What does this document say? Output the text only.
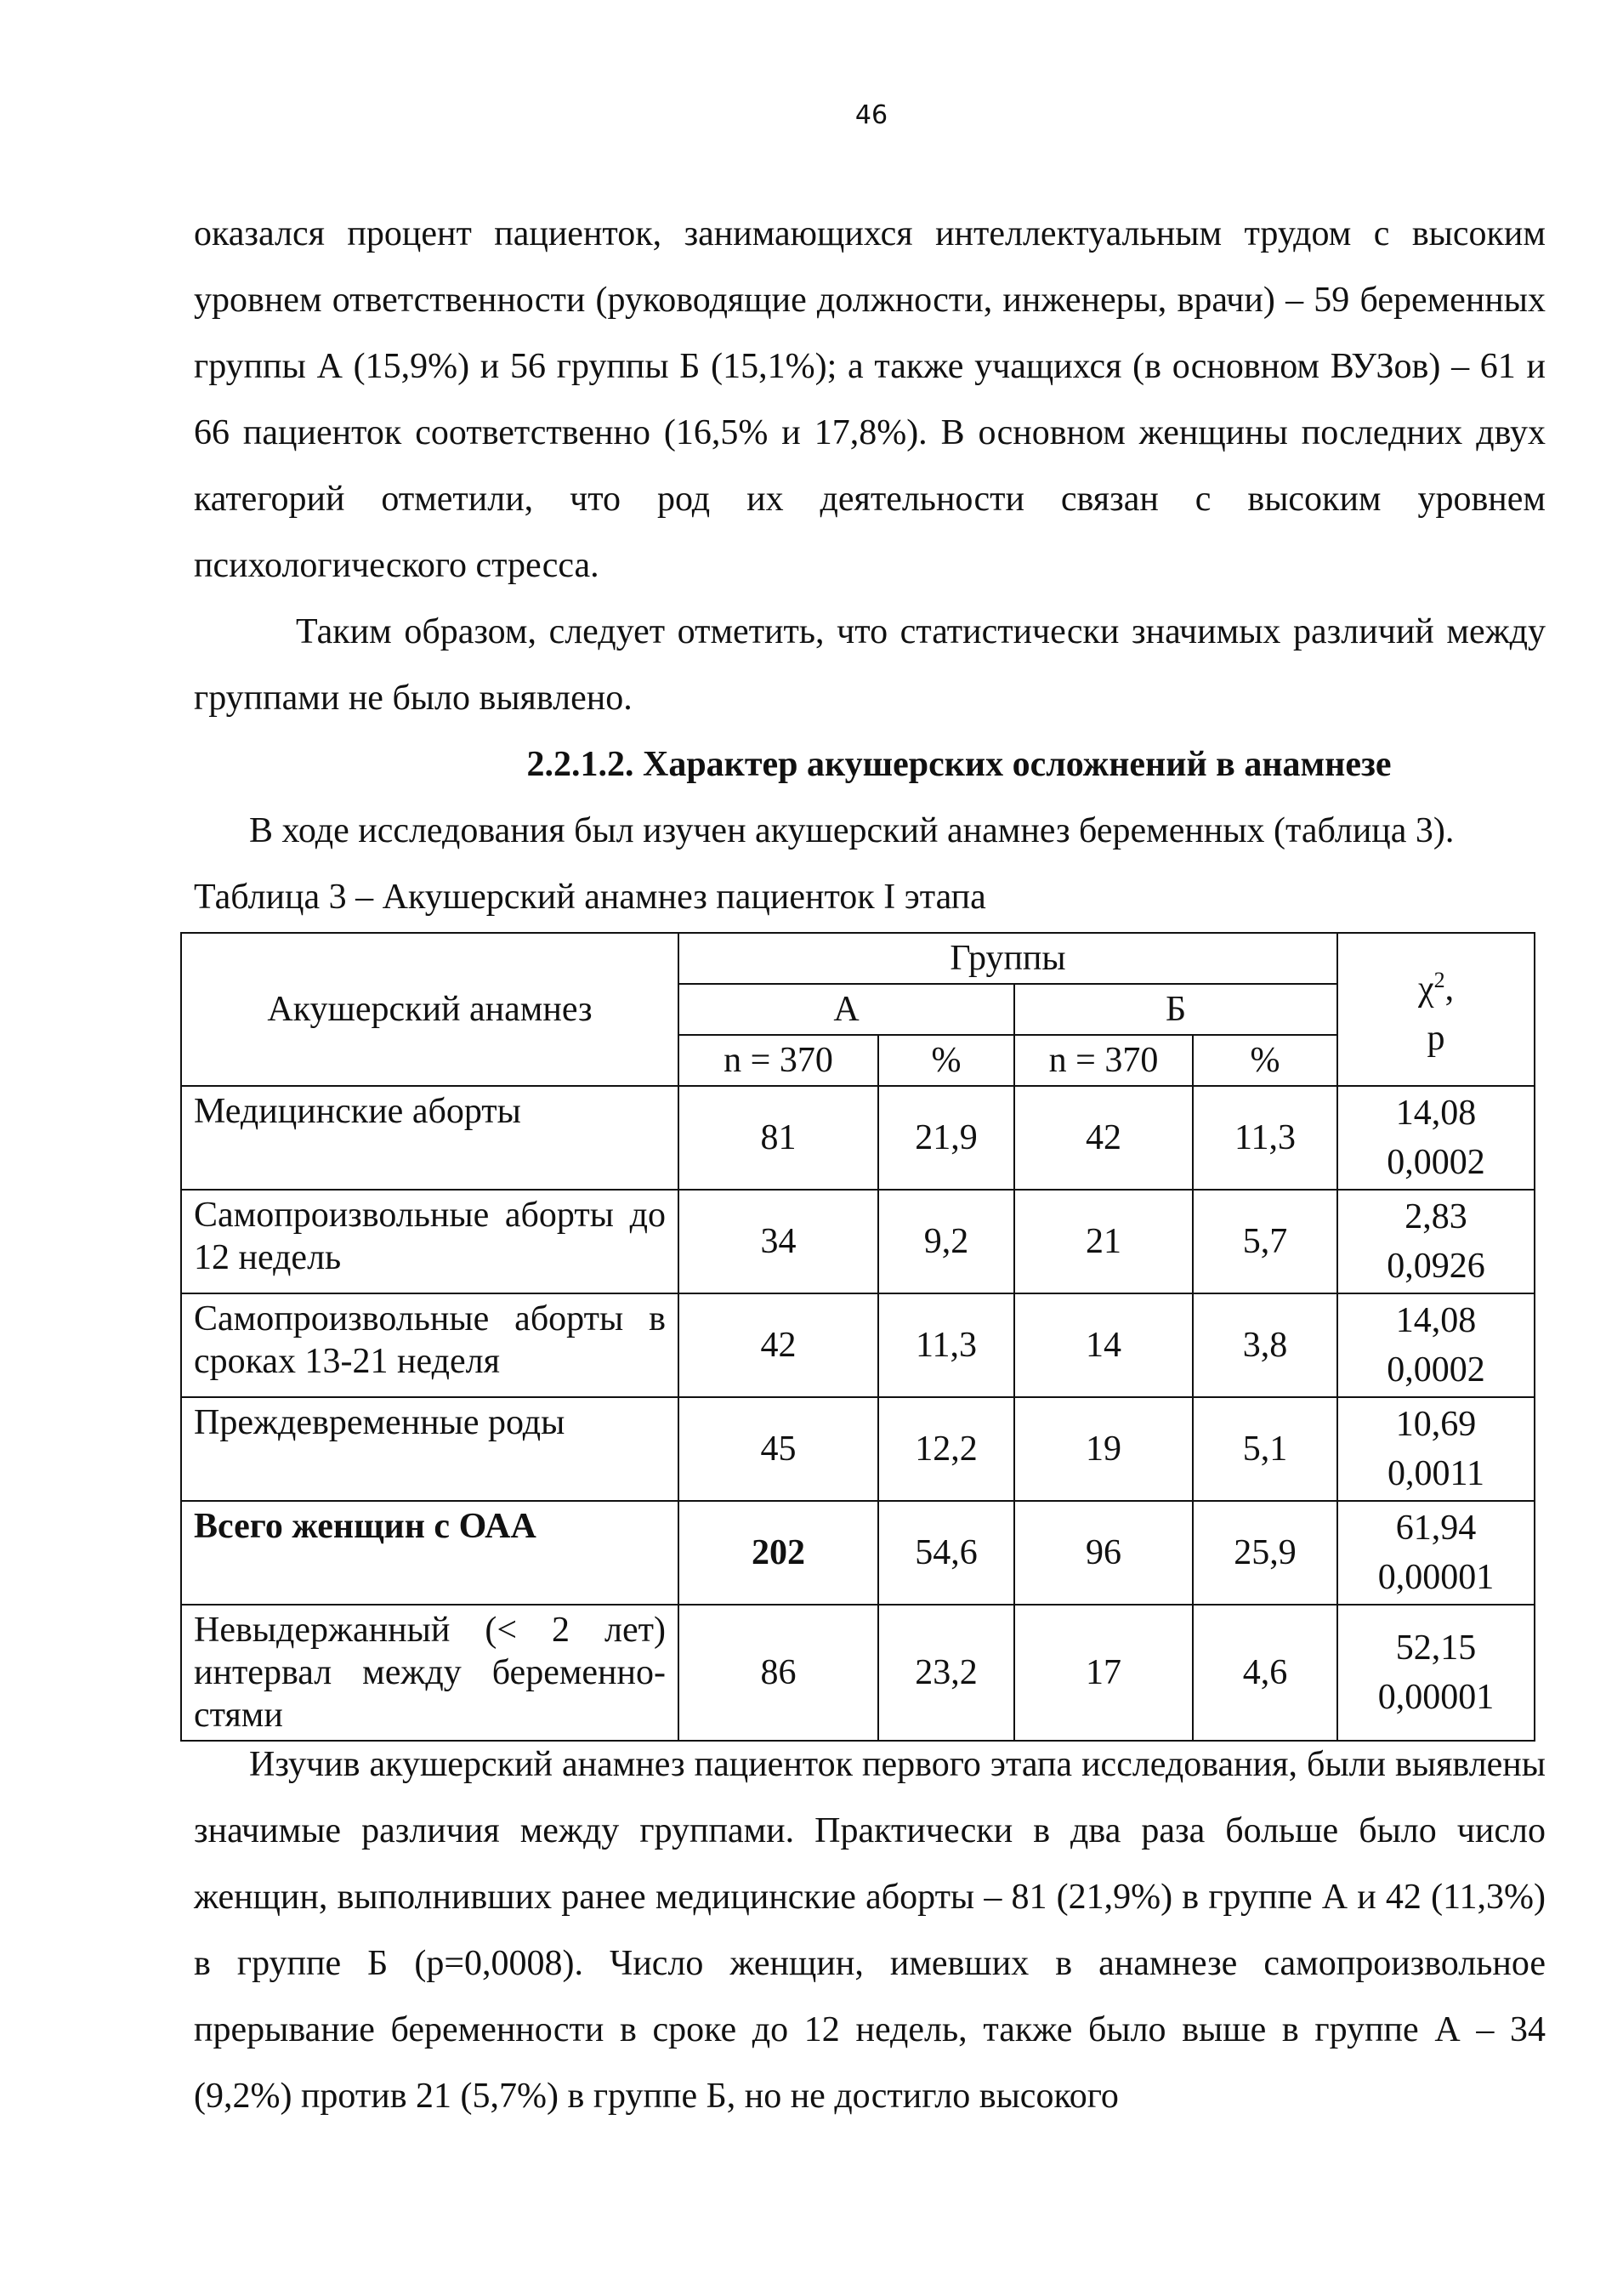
46

оказался процент пациенток, занимающихся интеллектуальным трудом с высоким уровнем ответственности (руководящие должности, инженеры, врачи) – 59 беременных группы А (15,9%) и 56 группы Б (15,1%); а также учащихся (в основном ВУЗов) – 61 и 66 пациенток соответственно (16,5% и 17,8%). В основном женщины последних двух категорий отметили, что род их деятельности связан с высоким уровнем психологического стресса.

Таким образом, следует отметить, что статистически значимых различий между группами не было выявлено.

2.2.1.2. Характер акушерских осложнений в анамнезе

В ходе исследования был изучен акушерский анамнез беременных (таблица 3).

Таблица 3 – Акушерский анамнез пациенток I этапа

Акушерский анамнез	Группы				$\chi^2$,
р
	А		Б		
	n = 370	%	n = 370	%	
Медицинские аборты	81	21,9	42	11,3	14,08
0,0002
Самопроизвольные аборты до 12 недель	34	9,2	21	5,7	2,83
0,0926
Самопроизвольные аборты в сроках 13-21 неделя	42	11,3	14	3,8	14,08
0,0002
Преждевременные роды	45	12,2	19	5,1	10,69
0,0011
Всего женщин с ОАА	202	54,6	96	25,9	61,94
0,00001
Невыдержанный (< 2 лет) интервал между беременно-стями	86	23,2	17	4,6	52,15
0,00001

Изучив акушерский анамнез пациенток первого этапа исследования, были выявлены значимые различия между группами. Практически в два раза больше было число женщин, выполнивших ранее медицинские аборты – 81 (21,9%) в группе А и 42 (11,3%) в группе Б (р=0,0008). Число женщин, имевших в анамнезе самопроизвольное прерывание беременности в сроке до 12 недель, также было выше в группе А – 34 (9,2%) против 21 (5,7%) в группе Б, но не достигло высокого
